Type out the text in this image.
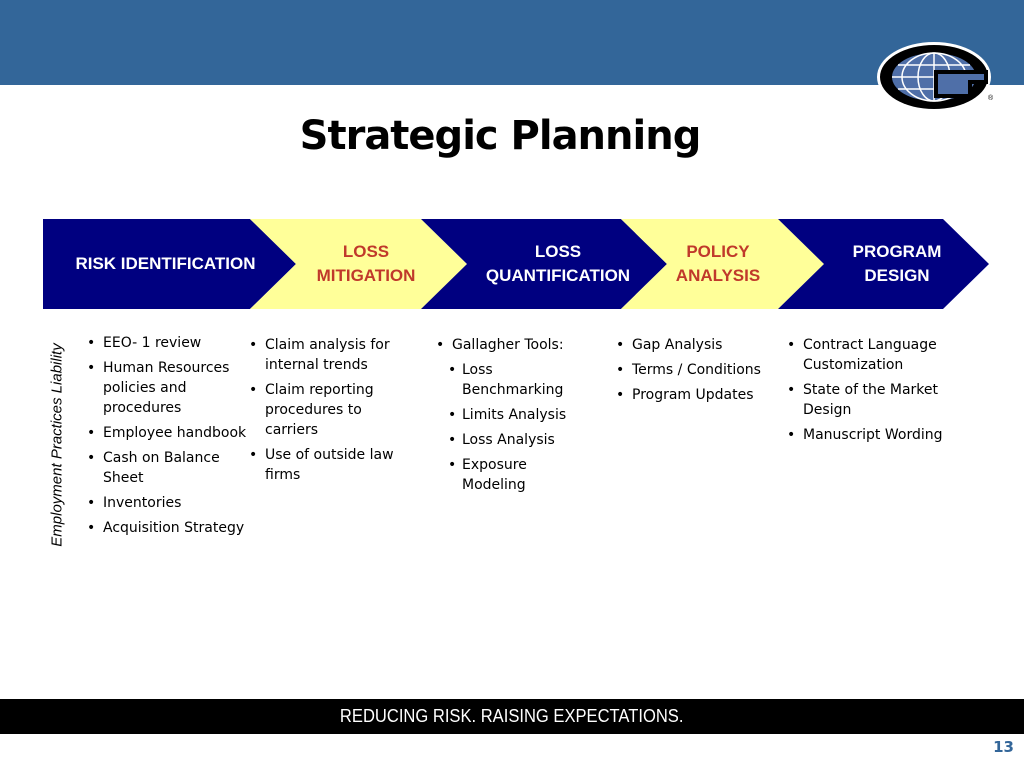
®
Strategic Planning
RISK IDENTIFICATION
LOSS
MITIGATION
LOSS
QUANTIFICATION
POLICY
ANALYSIS
PROGRAM
DESIGN
Employment Practices Liability
• EEO- 1 review
• Human Resources policies and procedures
• Employee handbook
• Cash on Balance Sheet
• Inventories
• Acquisition Strategy
• Claim analysis for internal trends
• Claim reporting procedures to carriers
• Use of outside law firms
• Gallagher Tools:
• Loss Benchmarking
• Limits Analysis
• Loss Analysis
• Exposure Modeling
• Gap Analysis
• Terms / Conditions
• Program Updates
• Contract Language Customization
• State of the Market Design
• Manuscript Wording
REDUCING RISK. RAISING EXPECTATIONS.
13
